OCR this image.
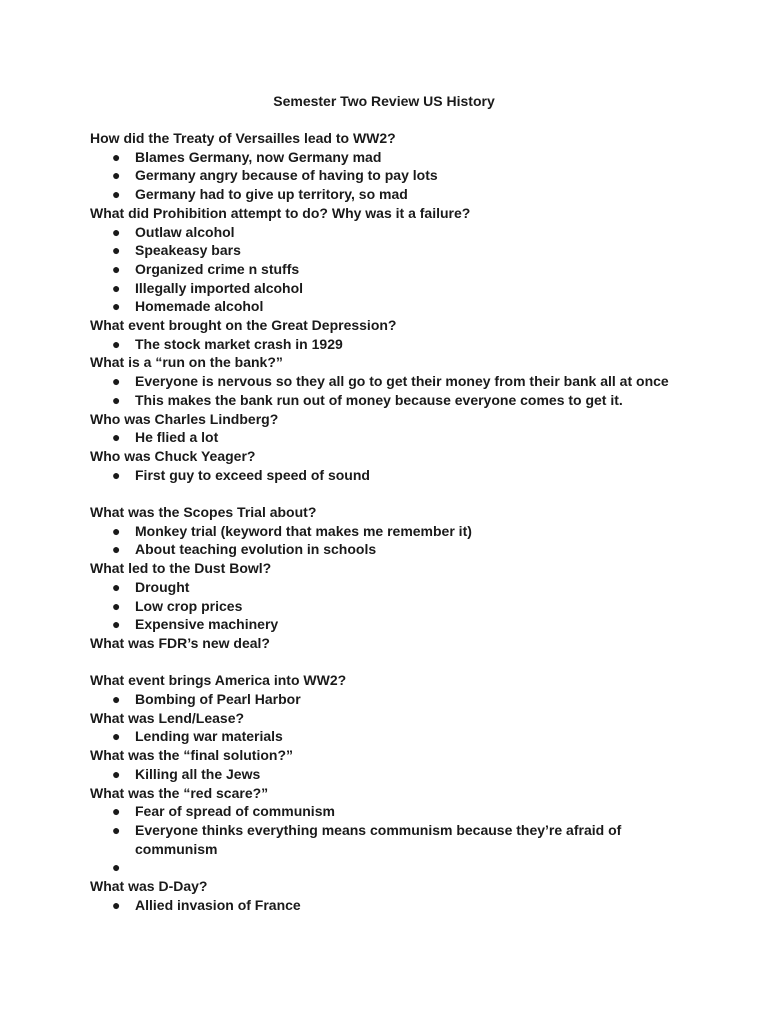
Semester Two Review US History
How did the Treaty of Versailles lead to WW2?
● Blames Germany, now Germany mad
● Germany angry because of having to pay lots
● Germany had to give up territory, so mad
What did Prohibition attempt to do? Why was it a failure?
● Outlaw alcohol
● Speakeasy bars
● Organized crime n stuffs
● Illegally imported alcohol
● Homemade alcohol
What event brought on the Great Depression?
● The stock market crash in 1929
What is a “run on the bank?”
● Everyone is nervous so they all go to get their money from their bank all at once
● This makes the bank run out of money because everyone comes to get it.
Who was Charles Lindberg?
● He flied a lot
Who was Chuck Yeager?
● First guy to exceed speed of sound
What was the Scopes Trial about?
● Monkey trial (keyword that makes me remember it)
● About teaching evolution in schools
What led to the Dust Bowl?
● Drought
● Low crop prices
● Expensive machinery
What was FDR’s new deal?
What event brings America into WW2?
● Bombing of Pearl Harbor
What was Lend/Lease?
● Lending war materials
What was the “final solution?”
● Killing all the Jews
What was the “red scare?”
● Fear of spread of communism
● Everyone thinks everything means communism because they’re afraid of communism
●

What was D-Day?
● Allied invasion of France
